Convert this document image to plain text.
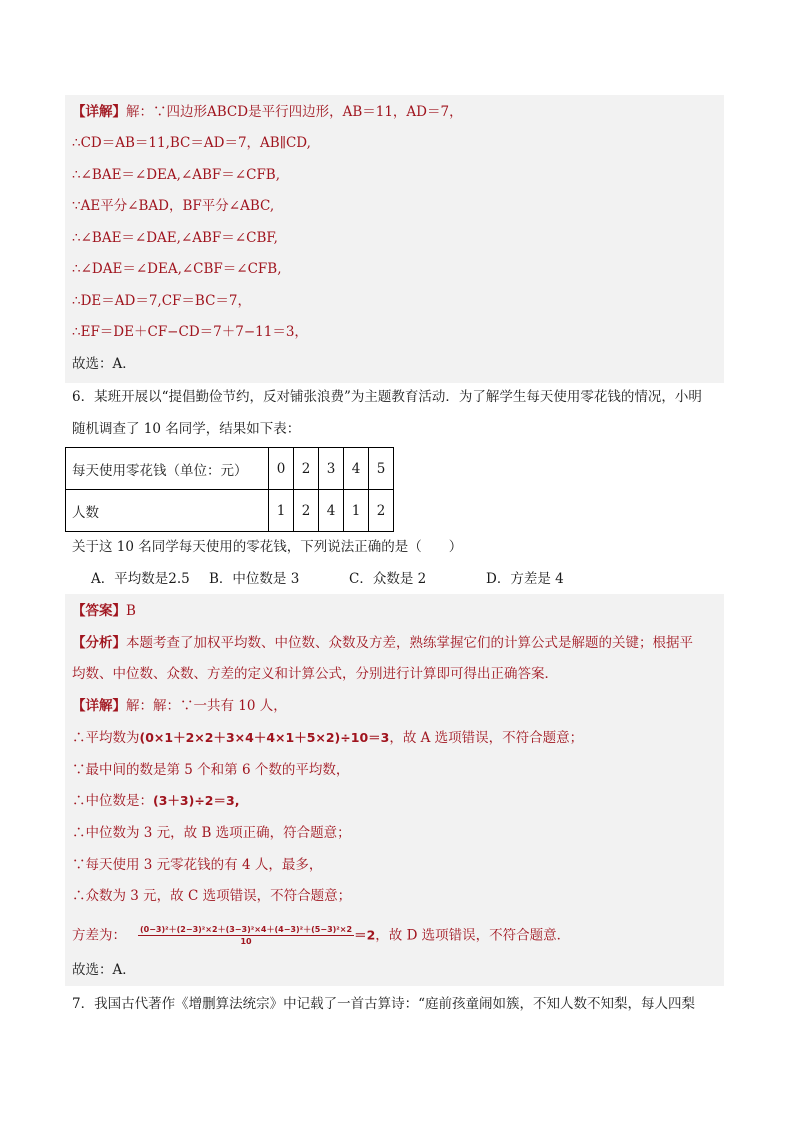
【详解】解：∵四边形ABCD是平行四边形，AB＝11，AD＝7，
∴CD＝AB＝11,BC＝AD＝7，AB∥CD,
∴∠BAE＝∠DEA,∠ABF＝∠CFB,
∵AE平分∠BAD，BF平分∠ABC,
∴∠BAE＝∠DAE,∠ABF＝∠CBF,
∴∠DAE＝∠DEA,∠CBF＝∠CFB,
∴DE＝AD＝7,CF＝BC＝7，
∴EF＝DE＋CF−CD＝7＋7−11＝3，
故选：A．
6．某班开展以“提倡勤俭节约，反对铺张浪费”为主题教育活动．为了解学生每天使用零花钱的情况，小明
随机调查了 10 名同学，结果如下表：
每天使用零花钱（单位：元）	0	2	3	4	5
人数	1	2	4	1	2
关于这 10 名同学每天使用的零花钱，下列说法正确的是（　　）
A．平均数是2.5 B．中位数是 3	C．众数是 2	D．方差是 4
【答案】B
【分析】本题考查了加权平均数、中位数、众数及方差，熟练掌握它们的计算公式是解题的关键；根据平
均数、中位数、众数、方差的定义和计算公式，分别进行计算即可得出正确答案．
【详解】解：解：∵一共有 10 人，
∴平均数为(0×1＋2×2＋3×4＋4×1＋5×2)÷10＝3，故 A 选项错误，不符合题意；
∵最中间的数是第 5 个和第 6 个数的平均数，
∴中位数是：(3＋3)÷2＝3,
∴中位数为 3 元，故 B 选项正确，符合题意；
∵每天使用 3 元零花钱的有 4 人，最多，
∴众数为 3 元，故 C 选项错误，不符合题意；
方差为： $\frac{\text{(0−3)²＋(2−3)²×2＋(3−3)²×4＋(4−3)²＋(5−3)²×2}}{10} =2$，故 D 选项错误，不符合题意．
故选：A．
7．我国古代著作《增删算法统宗》中记载了一首古算诗：“庭前孩童闹如簇，不知人数不知梨，每人四梨
